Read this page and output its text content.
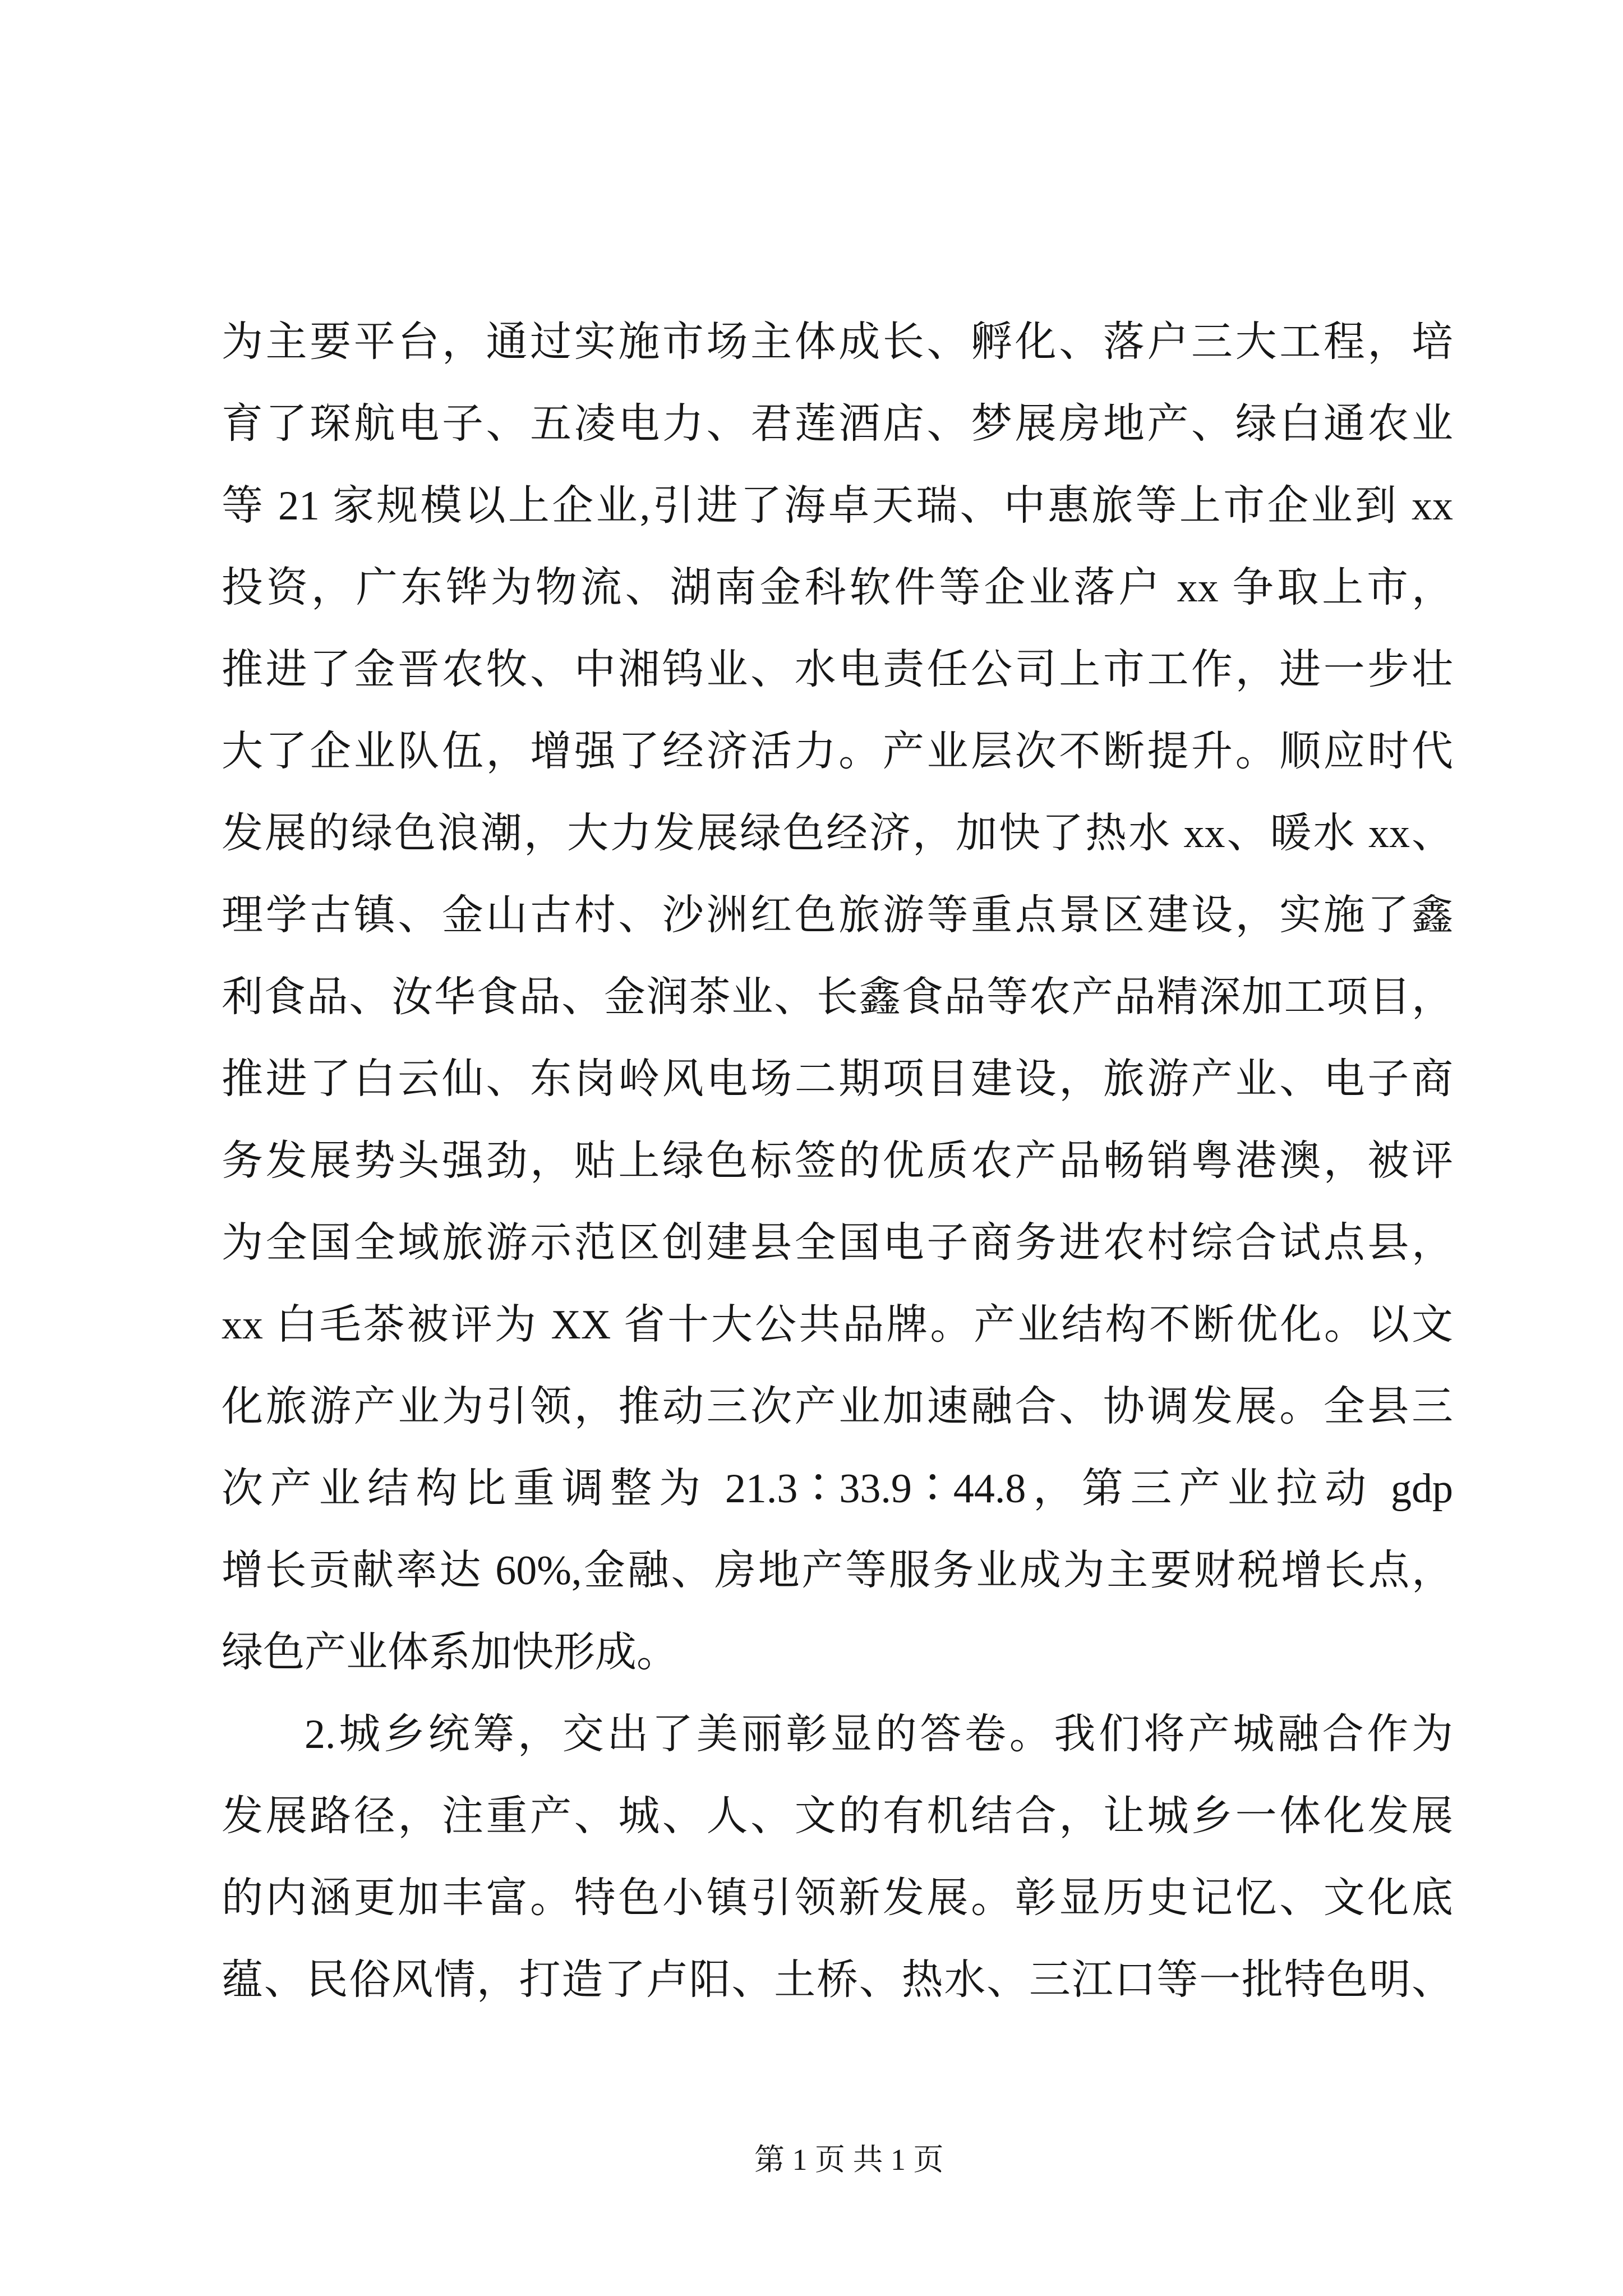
为主要平台，通过实施市场主体成长、孵化、落户三大工程，培
育了琛航电子、五凌电力、君莲酒店、梦展房地产、绿白通农业
等 21 家规模以上企业,引进了海卓天瑞、中惠旅等上市企业到 xx
投资，广东铧为物流、湖南金科软件等企业落户 xx 争取上市，
推进了金晋农牧、中湘钨业、水电责任公司上市工作，进一步壮
大了企业队伍，增强了经济活力。产业层次不断提升。顺应时代
发展的绿色浪潮，大力发展绿色经济，加快了热水 xx、暖水 xx、
理学古镇、金山古村、沙洲红色旅游等重点景区建设，实施了鑫
利食品、汝华食品、金润茶业、长鑫食品等农产品精深加工项目，
推进了白云仙、东岗岭风电场二期项目建设，旅游产业、电子商
务发展势头强劲，贴上绿色标签的优质农产品畅销粤港澳，被评
为全国全域旅游示范区创建县全国电子商务进农村综合试点县，
xx 白毛茶被评为 XX 省十大公共品牌。产业结构不断优化。以文
化旅游产业为引领，推动三次产业加速融合、协调发展。全县三
次产业结构比重调整为 21.3∶33.9∶44.8，第三产业拉动 gdp
增长贡献率达 60%,金融、房地产等服务业成为主要财税增长点，
绿色产业体系加快形成。
2.城乡统筹，交出了美丽彰显的答卷。我们将产城融合作为
发展路径，注重产、城、人、文的有机结合，让城乡一体化发展
的内涵更加丰富。特色小镇引领新发展。彰显历史记忆、文化底
蕴、民俗风情，打造了卢阳、土桥、热水、三江口等一批特色明、
第 1 页 共 1 页
